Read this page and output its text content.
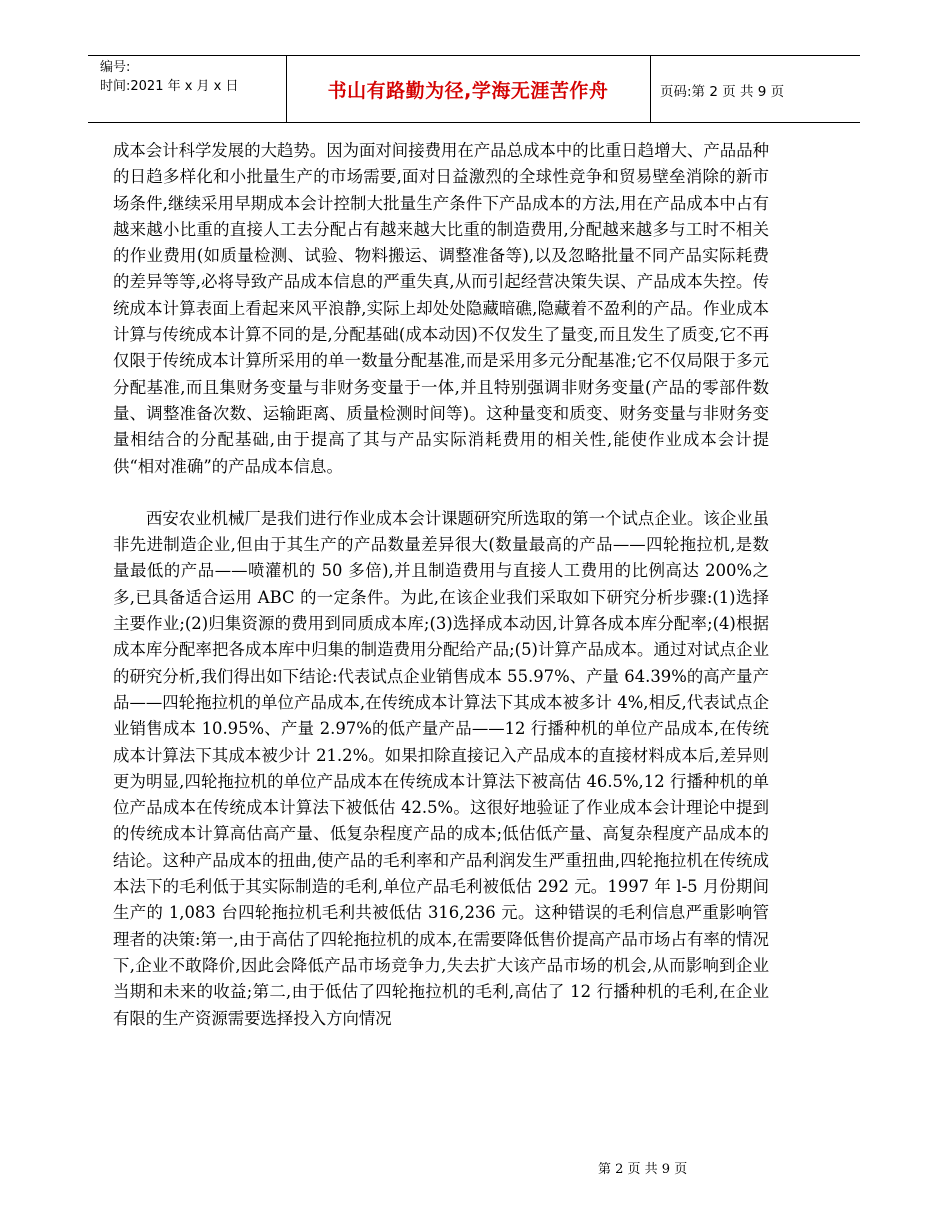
编号:
时间:2021 年 x 月 x 日	书山有路勤为径,学海无涯苦作舟	页码:第 2 页 共 9 页

成本会计科学发展的大趋势。因为面对间接费用在产品总成本中的比重日趋增大、产品品种的日趋多样化和小批量生产的市场需要,面对日益激烈的全球性竞争和贸易壁垒消除的新市场条件,继续采用早期成本会计控制大批量生产条件下产品成本的方法,用在产品成本中占有越来越小比重的直接人工去分配占有越来越大比重的制造费用,分配越来越多与工时不相关的作业费用(如质量检测、试验、物料搬运、调整准备等),以及忽略批量不同产品实际耗费的差异等等,必将导致产品成本信息的严重失真,从而引起经营决策失误、产品成本失控。传统成本计算表面上看起来风平浪静,实际上却处处隐藏暗礁,隐藏着不盈利的产品。作业成本计算与传统成本计算不同的是,分配基础(成本动因)不仅发生了量变,而且发生了质变,它不再仅限于传统成本计算所采用的单一数量分配基准,而是采用多元分配基准;它不仅局限于多元分配基准,而且集财务变量与非财务变量于一体,并且特别强调非财务变量(产品的零部件数量、调整准备次数、运输距离、质量检测时间等)。这种量变和质变、财务变量与非财务变量相结合的分配基础,由于提高了其与产品实际消耗费用的相关性,能使作业成本会计提供“相对准确”的产品成本信息。

西安农业机械厂是我们进行作业成本会计课题研究所选取的第一个试点企业。该企业虽非先进制造企业,但由于其生产的产品数量差异很大(数量最高的产品——四轮拖拉机,是数量最低的产品——喷灌机的 50 多倍),并且制造费用与直接人工费用的比例高达 200%之多,已具备适合运用 ABC 的一定条件。为此,在该企业我们采取如下研究分析步骤:(1)选择主要作业;(2)归集资源的费用到同质成本库;(3)选择成本动因,计算各成本库分配率;(4)根据成本库分配率把各成本库中归集的制造费用分配给产品;(5)计算产品成本。通过对试点企业的研究分析,我们得出如下结论:代表试点企业销售成本 55.97%、产量 64.39%的高产量产品——四轮拖拉机的单位产品成本,在传统成本计算法下其成本被多计 4%,相反,代表试点企业销售成本 10.95%、产量 2.97%的低产量产品——12 行播种机的单位产品成本,在传统成本计算法下其成本被少计 21.2%。如果扣除直接记入产品成本的直接材料成本后,差异则更为明显,四轮拖拉机的单位产品成本在传统成本计算法下被高估 46.5%,12 行播种机的单位产品成本在传统成本计算法下被低估 42.5%。这很好地验证了作业成本会计理论中提到的传统成本计算高估高产量、低复杂程度产品的成本;低估低产量、高复杂程度产品成本的结论。这种产品成本的扭曲,使产品的毛利率和产品利润发生严重扭曲,四轮拖拉机在传统成本法下的毛利低于其实际制造的毛利,单位产品毛利被低估 292 元。1997 年 l-5 月份期间生产的 1,083 台四轮拖拉机毛利共被低估 316,236 元。这种错误的毛利信息严重影响管理者的决策:第一,由于高估了四轮拖拉机的成本,在需要降低售价提高产品市场占有率的情况下,企业不敢降价,因此会降低产品市场竞争力,失去扩大该产品市场的机会,从而影响到企业当期和未来的收益;第二,由于低估了四轮拖拉机的毛利,高估了 12 行播种机的毛利,在企业有限的生产资源需要选择投入方向情况

第 2 页 共 9 页
